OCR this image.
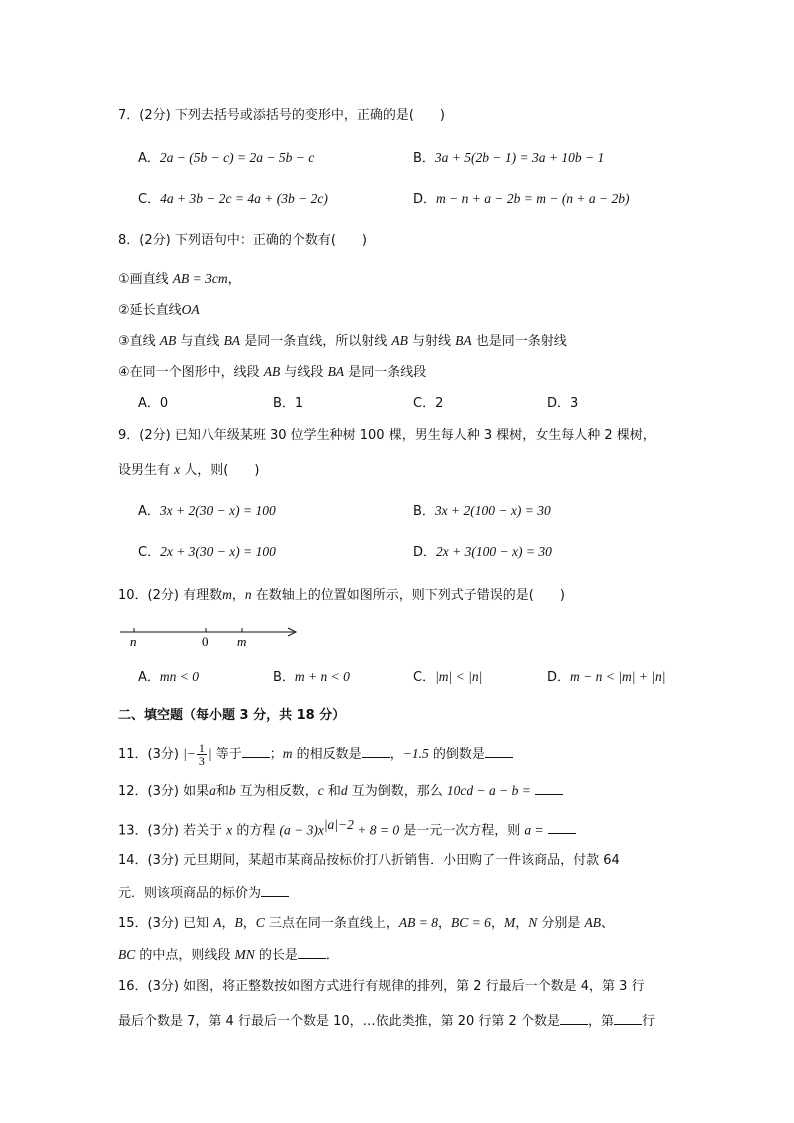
7．(2分) 下列去括号或添括号的变形中，正确的是(　　)
A．2a − (5b − c) = 2a − 5b − c	B．3a + 5(2b − 1) = 3a + 10b − 1
C．4a + 3b − 2c = 4a + (3b − 2c)	D．m − n + a − 2b = m − (n + a − 2b)
8．(2分) 下列语句中：正确的个数有(　　)
①画直线 AB = 3cm，
②延长直线OA
③直线 AB 与直线 BA 是同一条直线，所以射线 AB 与射线 BA 也是同一条射线
④在同一个图形中，线段 AB 与线段 BA 是同一条线段
A．0	B．1	C．2	D．3
9．(2分) 已知八年级某班 30 位学生种树 100 棵，男生每人种 3 棵树，女生每人种 2 棵树，
设男生有 x 人，则(　　)
A．3x + 2(30 − x) = 100	B．3x + 2(100 − x) = 30
C．2x + 3(30 − x) = 100	D．2x + 3(100 − x) = 30
10．(2分) 有理数m，n 在数轴上的位置如图所示，则下列式子错误的是(　　)
n	0 m
A．mn < 0	B．m + n < 0	C．|m| < |n|	D．m − n < |m| + |n|
二、填空题（每小题 3 分，共 18 分）
11．(3分) |− $\frac{1}{3}$ | 等于 ；m 的相反数是 ，−1.5 的倒数是
12．(3分) 如果a和b 互为相反数，c 和d 互为倒数，那么 10cd − a − b =
13．(3分) 若关于 x 的方程 $(a - 3)x^{|a|-2} + 8 = 0$ 是一元一次方程，则 a =
14．(3分) 元旦期间，某超市某商品按标价打八折销售．小田购了一件该商品，付款 64
元．则该项商品的标价为
15．(3分) 已知 A，B，C 三点在同一条直线上，AB = 8，BC = 6，M，N 分别是 AB、
BC 的中点，则线段 MN 的长是 ．
16．(3分) 如图，将正整数按如图方式进行有规律的排列，第 2 行最后一个数是 4，第 3 行
最后个数是 7，第 4 行最后一个数是 10，…依此类推，第 20 行第 2 个数是 ，第 行
